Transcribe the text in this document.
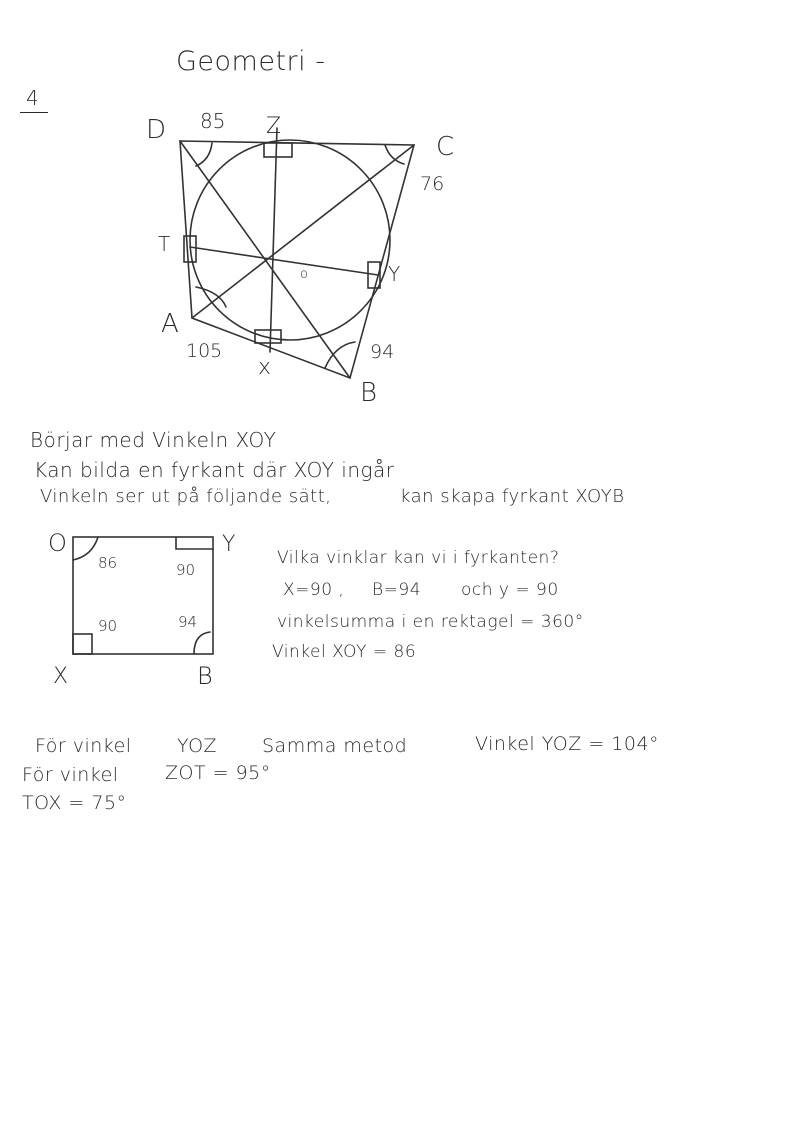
Geometri -
4
D
C
A
B
Z
T
Y
x
o
85
76
105	94
Börjar med Vinkeln XOY
Kan bilda en fyrkant där XOY ingår
Vinkeln ser ut på följande sätt,	kan skapa fyrkant XOYB
O	Y
X	B
86	90
90	94
Vilka vinklar kan vi i fyrkanten?
X=90 , B=94 och y = 90
vinkelsumma i en rektagel = 360°
Vinkel XOY = 86
För vinkel YOZ Samma metod	Vinkel YOZ = 104°
För vinkel ZOT = 95°
TOX = 75°
